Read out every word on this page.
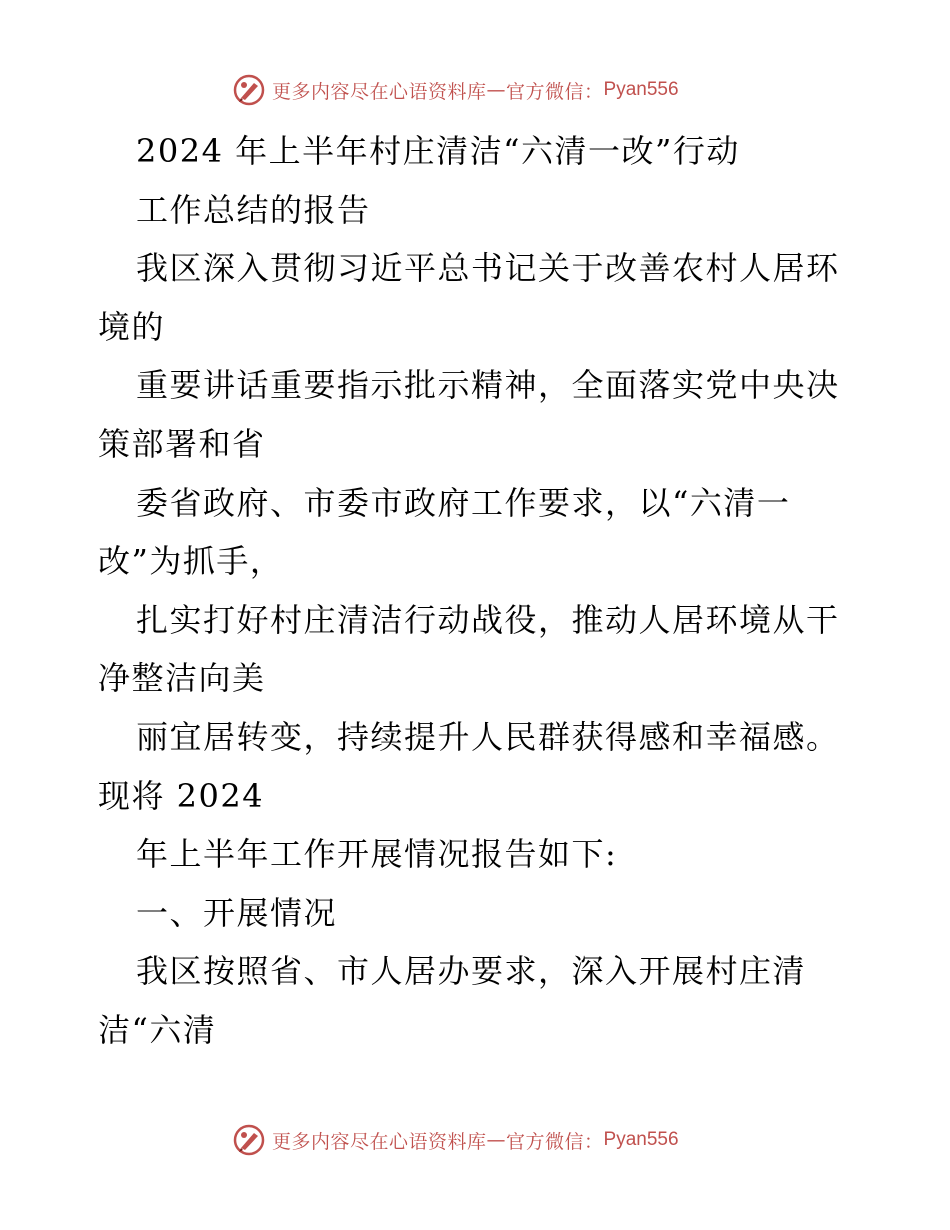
更多内容尽在心语资料库 — 官方微信： Pyan556
2024 年上半年村庄清洁“六清一改”行动
工作总结的报告
我区深入贯彻习近平总书记关于改善农村人居环
境的
重要讲话重要指示批示精神，全面落实党中央决
策部署和省
委省政府、市委市政府工作要求，以“六清一
改”为抓手，
扎实打好村庄清洁行动战役，推动人居环境从干
净整洁向美
丽宜居转变，持续提升人民群获得感和幸福感。
现将 2024
年上半年工作开展情况报告如下:
一、开展情况
我区按照省、市人居办要求，深入开展村庄清
洁“六清
更多内容尽在心语资料库 — 官方微信： Pyan556
